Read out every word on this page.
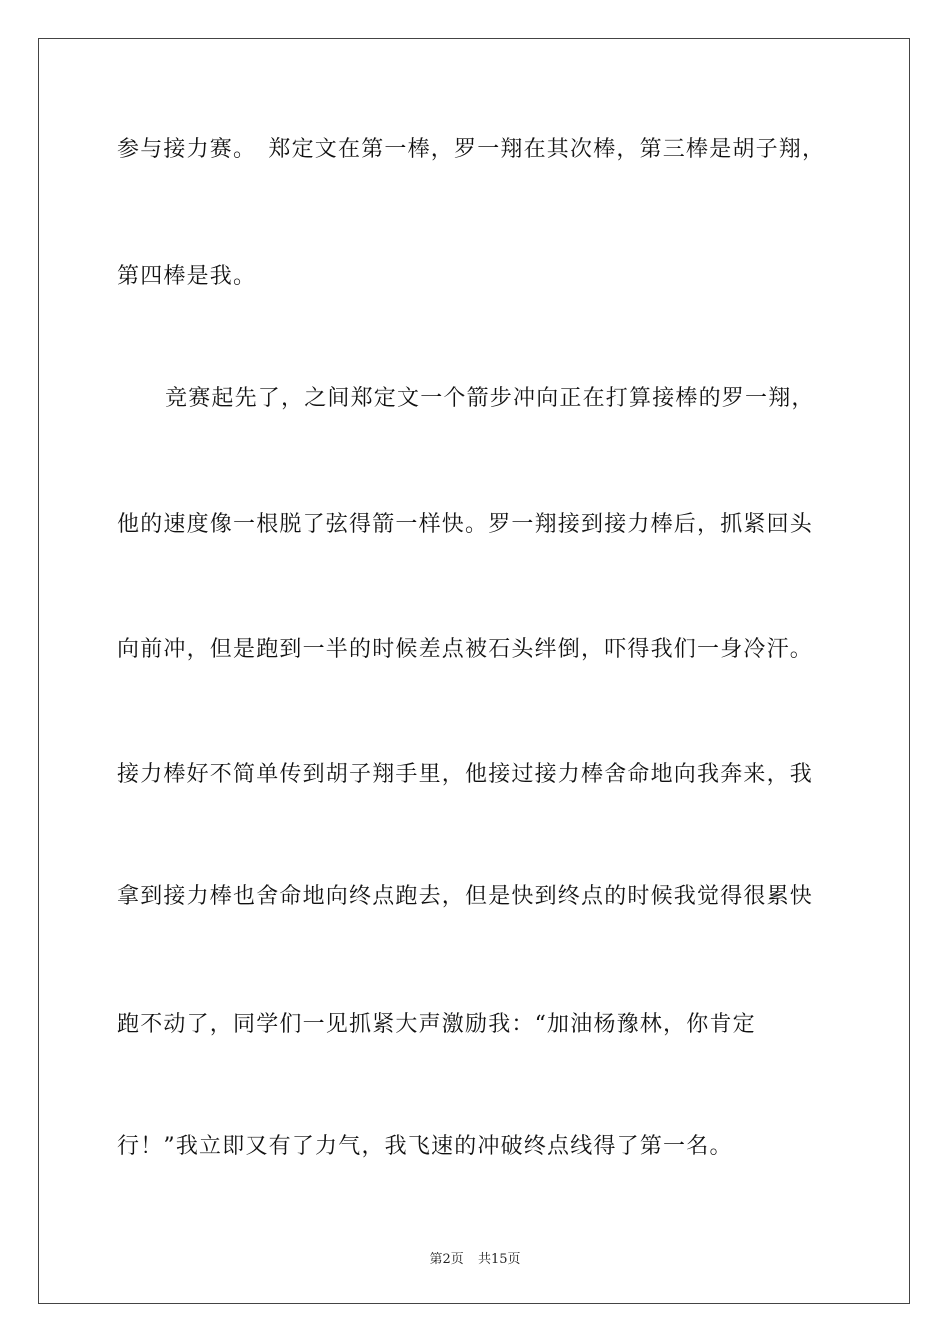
参与接力赛。　郑定文在第一棒，罗一翔在其次棒，第三棒是胡子翔，
第四棒是我。
竞赛起先了，之间郑定文一个箭步冲向正在打算接棒的罗一翔，
他的速度像一根脱了弦得箭一样快。罗一翔接到接力棒后，抓紧回头
向前冲，但是跑到一半的时候差点被石头绊倒，吓得我们一身冷汗。
接力棒好不简单传到胡子翔手里，他接过接力棒舍命地向我奔来，我
拿到接力棒也舍命地向终点跑去，但是快到终点的时候我觉得很累快
跑不动了，同学们一见抓紧大声激励我：“加油杨豫林，你肯定
行！”我立即又有了力气，我飞速的冲破终点线得了第一名。
第2页 共15页
